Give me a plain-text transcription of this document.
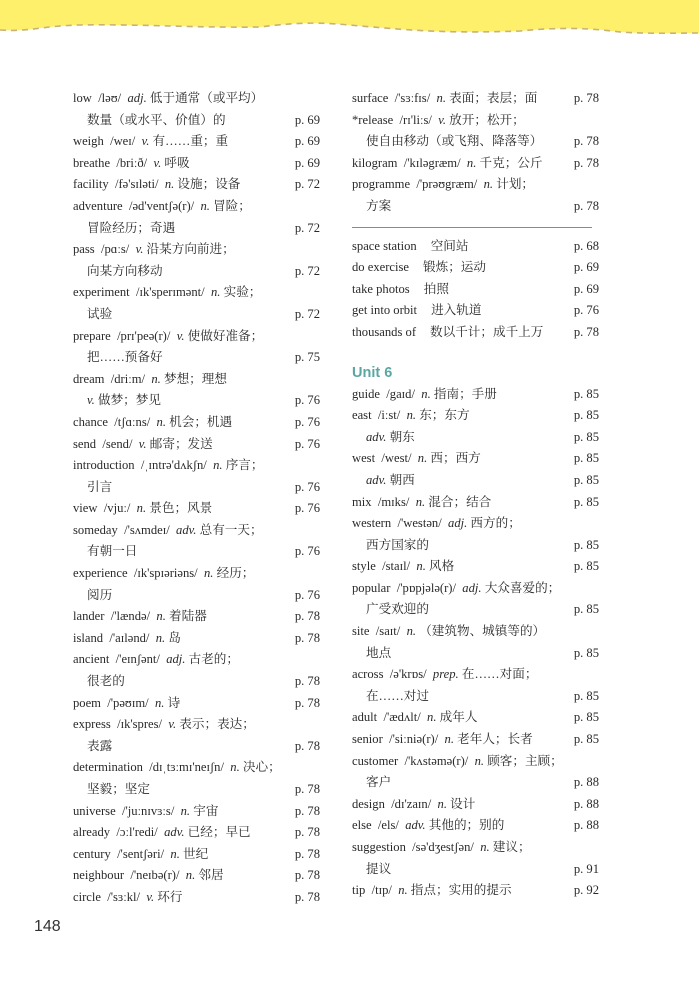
low /ləʊ/ adj. 低于通常（或平均）
数量（或水平、价值）的	p. 69
weigh /weɪ/ v. 有……重；重	p. 69
breathe /briːð/ v. 呼吸	p. 69
facility /fə'sɪləti/ n. 设施；设备	p. 72
adventure /əd'ventʃə(r)/ n. 冒险；
冒险经历；奇遇	p. 72
pass /pɑːs/ v. 沿某方向前进；
向某方向移动	p. 72
experiment /ɪk'sperɪmənt/ n. 实验；
试验	p. 72
prepare /prɪ'peə(r)/ v. 使做好准备；
把……预备好	p. 75
dream /driːm/ n. 梦想；理想
v. 做梦；梦见	p. 76
chance /tʃɑːns/ n. 机会；机遇	p. 76
send /send/ v. 邮寄；发送	p. 76
introduction /ˌɪntrə'dʌkʃn/ n. 序言；
引言	p. 76
view /vjuː/ n. 景色；风景	p. 76
someday /'sʌmdeɪ/ adv. 总有一天；
有朝一日	p. 76
experience /ɪk'spɪəriəns/ n. 经历；
阅历	p. 76
lander /'lændə/ n. 着陆器	p. 78
island /'aɪlənd/ n. 岛	p. 78
ancient /'eɪnʃənt/ adj. 古老的；
很老的	p. 78
poem /'pəʊɪm/ n. 诗	p. 78
express /ɪk'spres/ v. 表示；表达；
表露	p. 78
determination /dɪˌtɜːmɪ'neɪʃn/ n. 决心；
坚毅；坚定	p. 78
universe /'juːnɪvɜːs/ n. 宇宙	p. 78
already /ɔːl'redi/ adv. 已经；早已	p. 78
century /'sentʃəri/ n. 世纪	p. 78
neighbour /'neɪbə(r)/ n. 邻居	p. 78
circle /'sɜːkl/ v. 环行	p. 78
surface /'sɜːfɪs/ n. 表面；表层；面	p. 78
*release /rɪ'liːs/ v. 放开；松开；
使自由移动（或飞翔、降落等）	p. 78
kilogram /'kɪləgræm/ n. 千克；公斤	p. 78
programme /'prəʊgræm/ n. 计划；
方案	p. 78
space station 空间站	p. 68
do exercise 锻炼；运动	p. 69
take photos 拍照	p. 69
get into orbit 进入轨道	p. 76
thousands of 数以千计；成千上万	p. 78
Unit 6
guide /gaɪd/ n. 指南；手册	p. 85
east /iːst/ n. 东；东方	p. 85
adv. 朝东	p. 85
west /west/ n. 西；西方	p. 85
adv. 朝西	p. 85
mix /mɪks/ n. 混合；结合	p. 85
western /'westən/ adj. 西方的；
西方国家的	p. 85
style /staɪl/ n. 风格	p. 85
popular /'pɒpjələ(r)/ adj. 大众喜爱的；
广受欢迎的	p. 85
site /saɪt/ n. （建筑物、城镇等的）
地点	p. 85
across /ə'krɒs/ prep. 在……对面；
在……对过	p. 85
adult /'ædʌlt/ n. 成年人	p. 85
senior /'siːniə(r)/ n. 老年人；长者	p. 85
customer /'kʌstəmə(r)/ n. 顾客；主顾；
客户	p. 88
design /dɪ'zaɪn/ n. 设计	p. 88
else /els/ adv. 其他的；别的	p. 88
suggestion /sə'dʒestʃən/ n. 建议；
提议	p. 91
tip /tɪp/ n. 指点；实用的提示	p. 92
148
